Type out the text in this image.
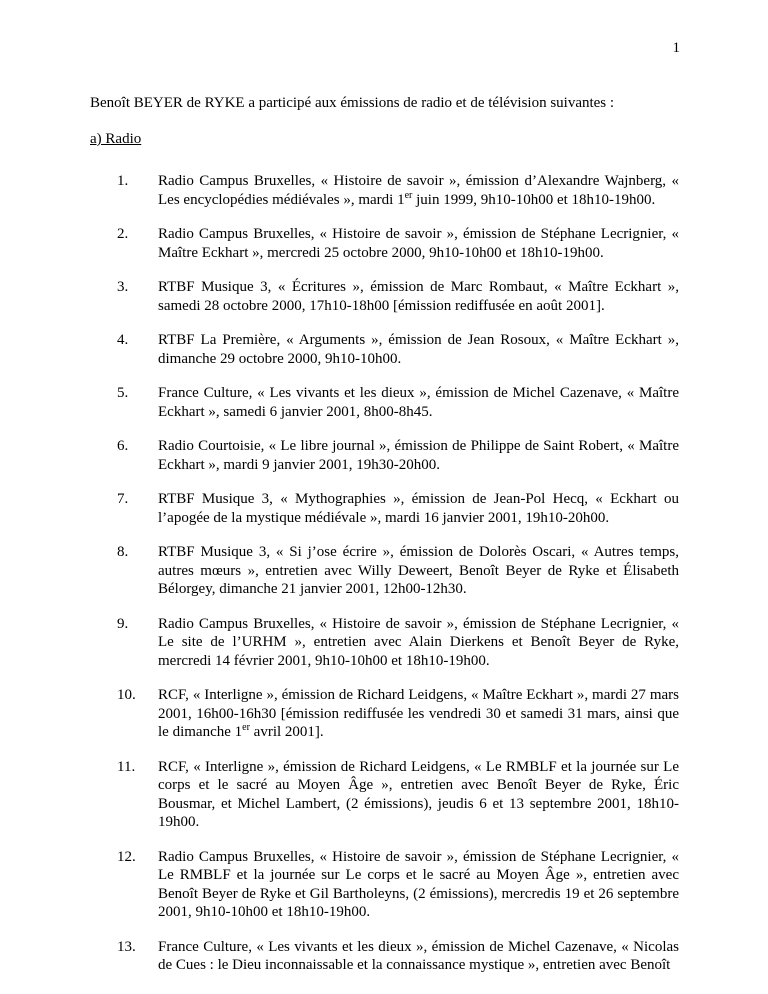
1

Benoît BEYER de RYKE a participé aux émissions de radio et de télévision suivantes :

a) Radio

1. Radio Campus Bruxelles, « Histoire de savoir », émission d’Alexandre Wajnberg, « Les encyclopédies médiévales », mardi 1er juin 1999, 9h10-10h00 et 18h10-19h00.
2. Radio Campus Bruxelles, « Histoire de savoir », émission de Stéphane Lecrignier, « Maître Eckhart », mercredi 25 octobre 2000, 9h10-10h00 et 18h10-19h00.
3. RTBF Musique 3, « Écritures », émission de Marc Rombaut, « Maître Eckhart », samedi 28 octobre 2000, 17h10-18h00 [émission rediffusée en août 2001].
4. RTBF La Première, « Arguments », émission de Jean Rosoux, « Maître Eckhart », dimanche 29 octobre 2000, 9h10-10h00.
5. France Culture, « Les vivants et les dieux », émission de Michel Cazenave, « Maître Eckhart », samedi 6 janvier 2001, 8h00-8h45.
6. Radio Courtoisie, « Le libre journal », émission de Philippe de Saint Robert, « Maître Eckhart », mardi 9 janvier 2001, 19h30-20h00.
7. RTBF Musique 3, « Mythographies », émission de Jean-Pol Hecq, « Eckhart ou l’apogée de la mystique médiévale », mardi 16 janvier 2001, 19h10-20h00.
8. RTBF Musique 3, « Si j’ose écrire », émission de Dolorès Oscari, « Autres temps, autres mœurs », entretien avec Willy Deweert, Benoît Beyer de Ryke et Élisabeth Bélorgey, dimanche 21 janvier 2001, 12h00-12h30.
9. Radio Campus Bruxelles, « Histoire de savoir », émission de Stéphane Lecrignier, « Le site de l’URHM », entretien avec Alain Dierkens et Benoît Beyer de Ryke, mercredi 14 février 2001, 9h10-10h00 et 18h10-19h00.
10. RCF, « Interligne », émission de Richard Leidgens, « Maître Eckhart », mardi 27 mars 2001, 16h00-16h30 [émission rediffusée les vendredi 30 et samedi 31 mars, ainsi que le dimanche 1er avril 2001].
11. RCF, « Interligne », émission de Richard Leidgens, « Le RMBLF et la journée sur Le corps et le sacré au Moyen Âge », entretien avec Benoît Beyer de Ryke, Éric Bousmar, et Michel Lambert, (2 émissions), jeudis 6 et 13 septembre 2001, 18h10-19h00.
12. Radio Campus Bruxelles, « Histoire de savoir », émission de Stéphane Lecrignier, « Le RMBLF et la journée sur Le corps et le sacré au Moyen Âge », entretien avec Benoît Beyer de Ryke et Gil Bartholeyns, (2 émissions), mercredis 19 et 26 septembre 2001, 9h10-10h00 et 18h10-19h00.
13. France Culture, « Les vivants et les dieux », émission de Michel Cazenave, « Nicolas de Cues : le Dieu inconnaissable et la connaissance mystique », entretien avec Benoît
